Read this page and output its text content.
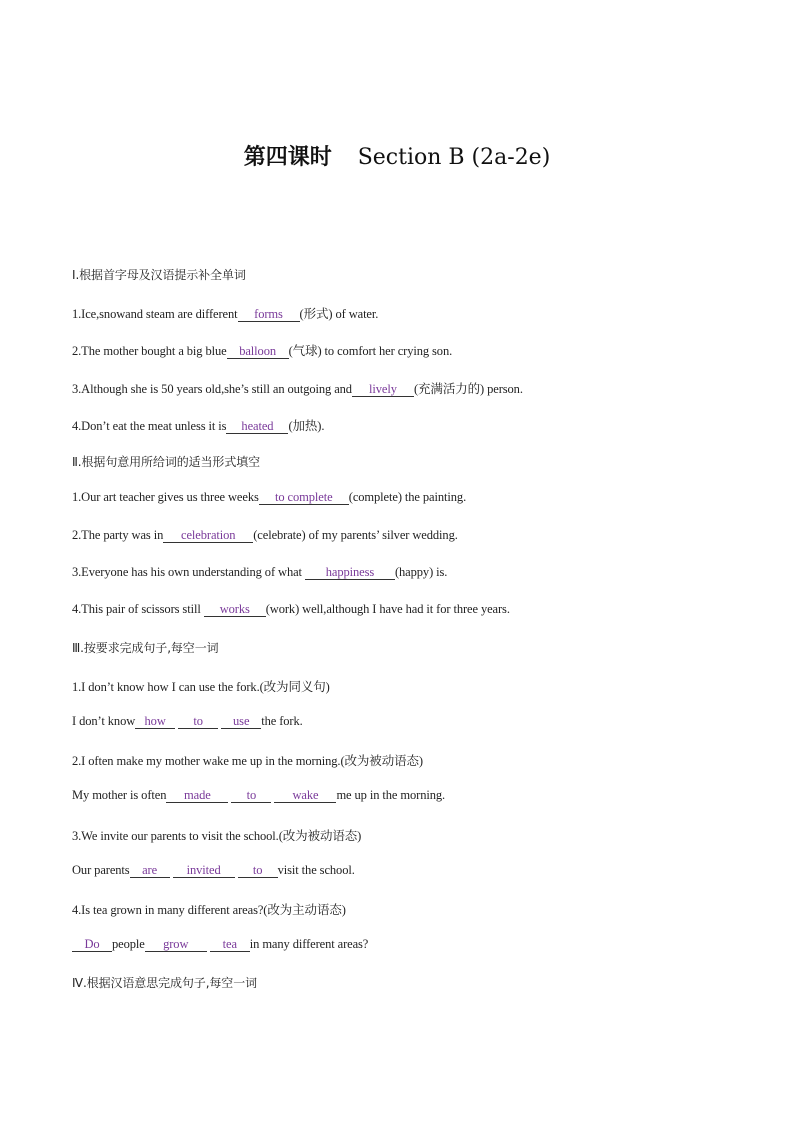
第四课时 Section B (2a-2e)
Ⅰ.根据首字母及汉语提示补全单词
1.Ice,snowand steam are different forms (形式) of water.
2.The mother bought a big blue balloon (气球) to comfort her crying son.
3.Although she is 50 years old,she’s still an outgoing and lively (充满活力的) person.
4.Don’t eat the meat unless it is heated (加热).
Ⅱ.根据句意用所给词的适当形式填空
1.Our art teacher gives us three weeks to complete (complete) the painting.
2.The party was in celebration (celebrate) of my parents’ silver wedding.
3.Everyone has his own understanding of what happiness (happy) is.
4.This pair of scissors still works (work) well,although I have had it for three years.
Ⅲ.按要求完成句子,每空一词
1.I don’t know how I can use the fork.(改为同义句)
I don’t know how to use the fork.
2.I often make my mother wake me up in the morning.(改为被动语态)
My mother is often made	to	wake me up in the morning.
3.We invite our parents to visit the school.(改为被动语态)
Our parents are invited	to visit the school.
4.Is tea grown in many different areas?(改为主动语态)
Do people grow	tea in many different areas?
Ⅳ.根据汉语意思完成句子,每空一词
